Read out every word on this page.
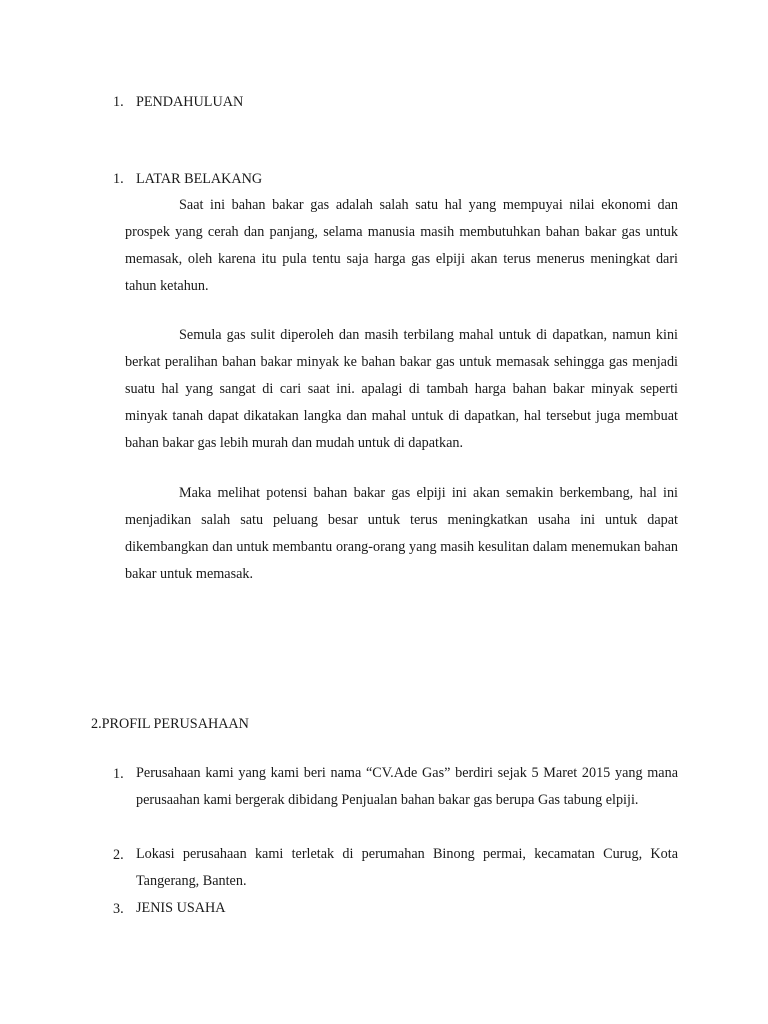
1. PENDAHULUAN
1. LATAR BELAKANG

Saat ini bahan bakar gas adalah salah satu hal yang mempuyai nilai ekonomi dan prospek yang cerah dan panjang, selama manusia masih membutuhkan bahan bakar gas untuk memasak, oleh karena itu pula tentu saja harga gas elpiji akan terus menerus meningkat dari tahun ketahun.

Semula gas sulit diperoleh dan masih terbilang mahal untuk di dapatkan, namun kini berkat peralihan bahan bakar minyak ke bahan bakar gas untuk memasak sehingga gas menjadi suatu hal yang sangat di cari saat ini. apalagi di tambah harga bahan bakar minyak seperti minyak tanah dapat dikatakan langka dan mahal untuk di dapatkan, hal tersebut juga membuat bahan bakar gas lebih murah dan mudah untuk di dapatkan.

Maka melihat potensi bahan bakar gas elpiji ini akan semakin berkembang, hal ini menjadikan salah satu peluang besar untuk terus meningkatkan usaha ini untuk dapat dikembangkan dan untuk membantu orang-orang yang masih kesulitan dalam menemukan bahan bakar untuk memasak.

2.PROFIL PERUSAHAAN
1. Perusahaan kami yang kami beri nama “CV.Ade Gas” berdiri sejak 5 Maret 2015 yang mana perusaahan kami bergerak dibidang Penjualan bahan bakar gas berupa Gas tabung elpiji.

2. Lokasi perusahaan kami terletak di perumahan Binong permai, kecamatan Curug, Kota Tangerang, Banten.

3. JENIS USAHA
